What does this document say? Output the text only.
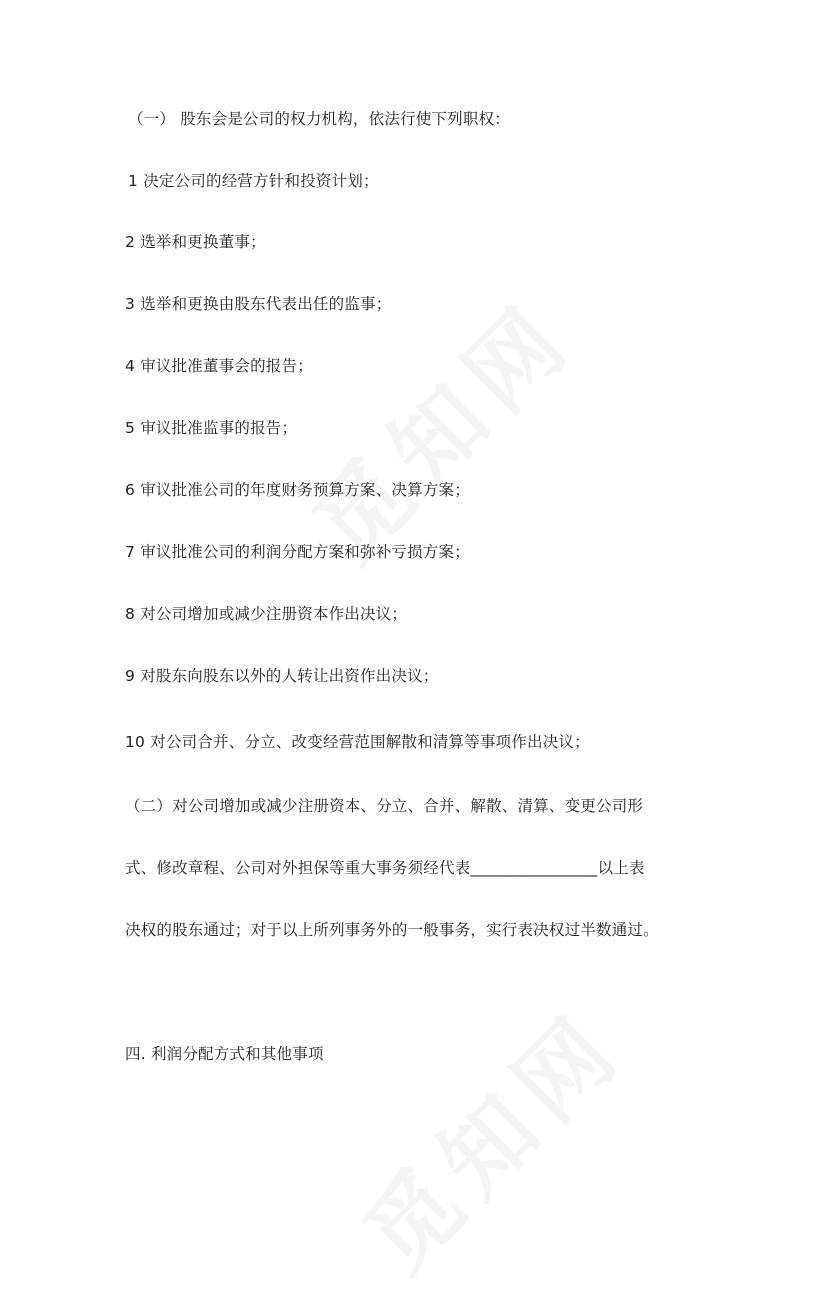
（一） 股东会是公司的权力机构，依法行使下列职权：
1 决定公司的经营方针和投资计划；
2 选举和更换董事；
3 选举和更换由股东代表出任的监事；
4 审议批准董事会的报告；
5 审议批准监事的报告；
6 审议批准公司的年度财务预算方案、决算方案；
7 审议批准公司的利润分配方案和弥补亏损方案；
8 对公司增加或减少注册资本作出决议；
9 对股东向股东以外的人转让出资作出决议；
10 对公司合并、分立、改变经营范围解散和清算等事项作出决议；
（二）对公司增加或减少注册资本、分立、合并、解散、清算、变更公司形
式、修改章程、公司对外担保等重大事务须经代表________________以上表
决权的股东通过；对于以上所列事务外的一般事务，实行表决权过半数通过。
四. 利润分配方式和其他事项
